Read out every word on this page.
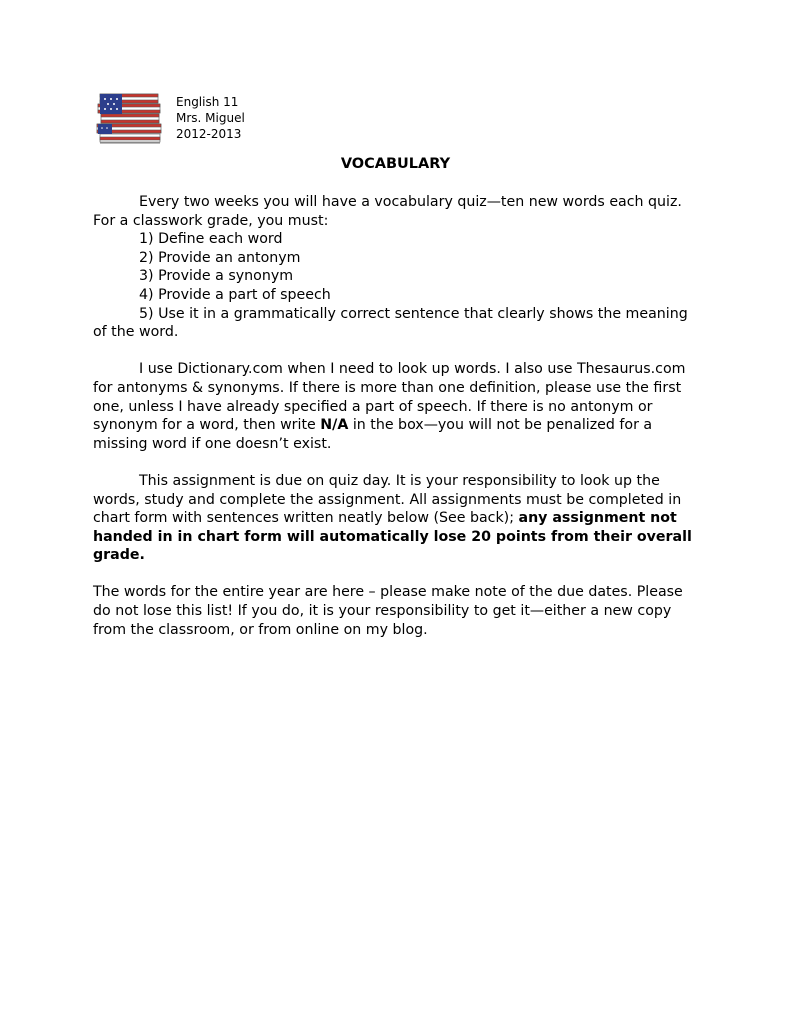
English 11
Mrs. Miguel
2012-2013
VOCABULARY

Every two weeks you will have a vocabulary quiz—ten new words each quiz. For a classwork grade, you must:

1) Define each word
2) Provide an antonym
3) Provide a synonym
4) Provide a part of speech
5) Use it in a grammatically correct sentence that clearly shows the meaning of the word.

I use Dictionary.com when I need to look up words. I also use Thesaurus.com for antonyms & synonyms. If there is more than one definition, please use the first one, unless I have already specified a part of speech. If there is no antonym or synonym for a word, then write N/A in the box—you will not be penalized for a missing word if one doesn’t exist.

This assignment is due on quiz day. It is your responsibility to look up the words, study and complete the assignment. All assignments must be completed in chart form with sentences written neatly below (See back); any assignment not handed in in chart form will automatically lose 20 points from their overall grade.

The words for the entire year are here – please make note of the due dates. Please do not lose this list! If you do, it is your responsibility to get it—either a new copy from the classroom, or from online on my blog.
